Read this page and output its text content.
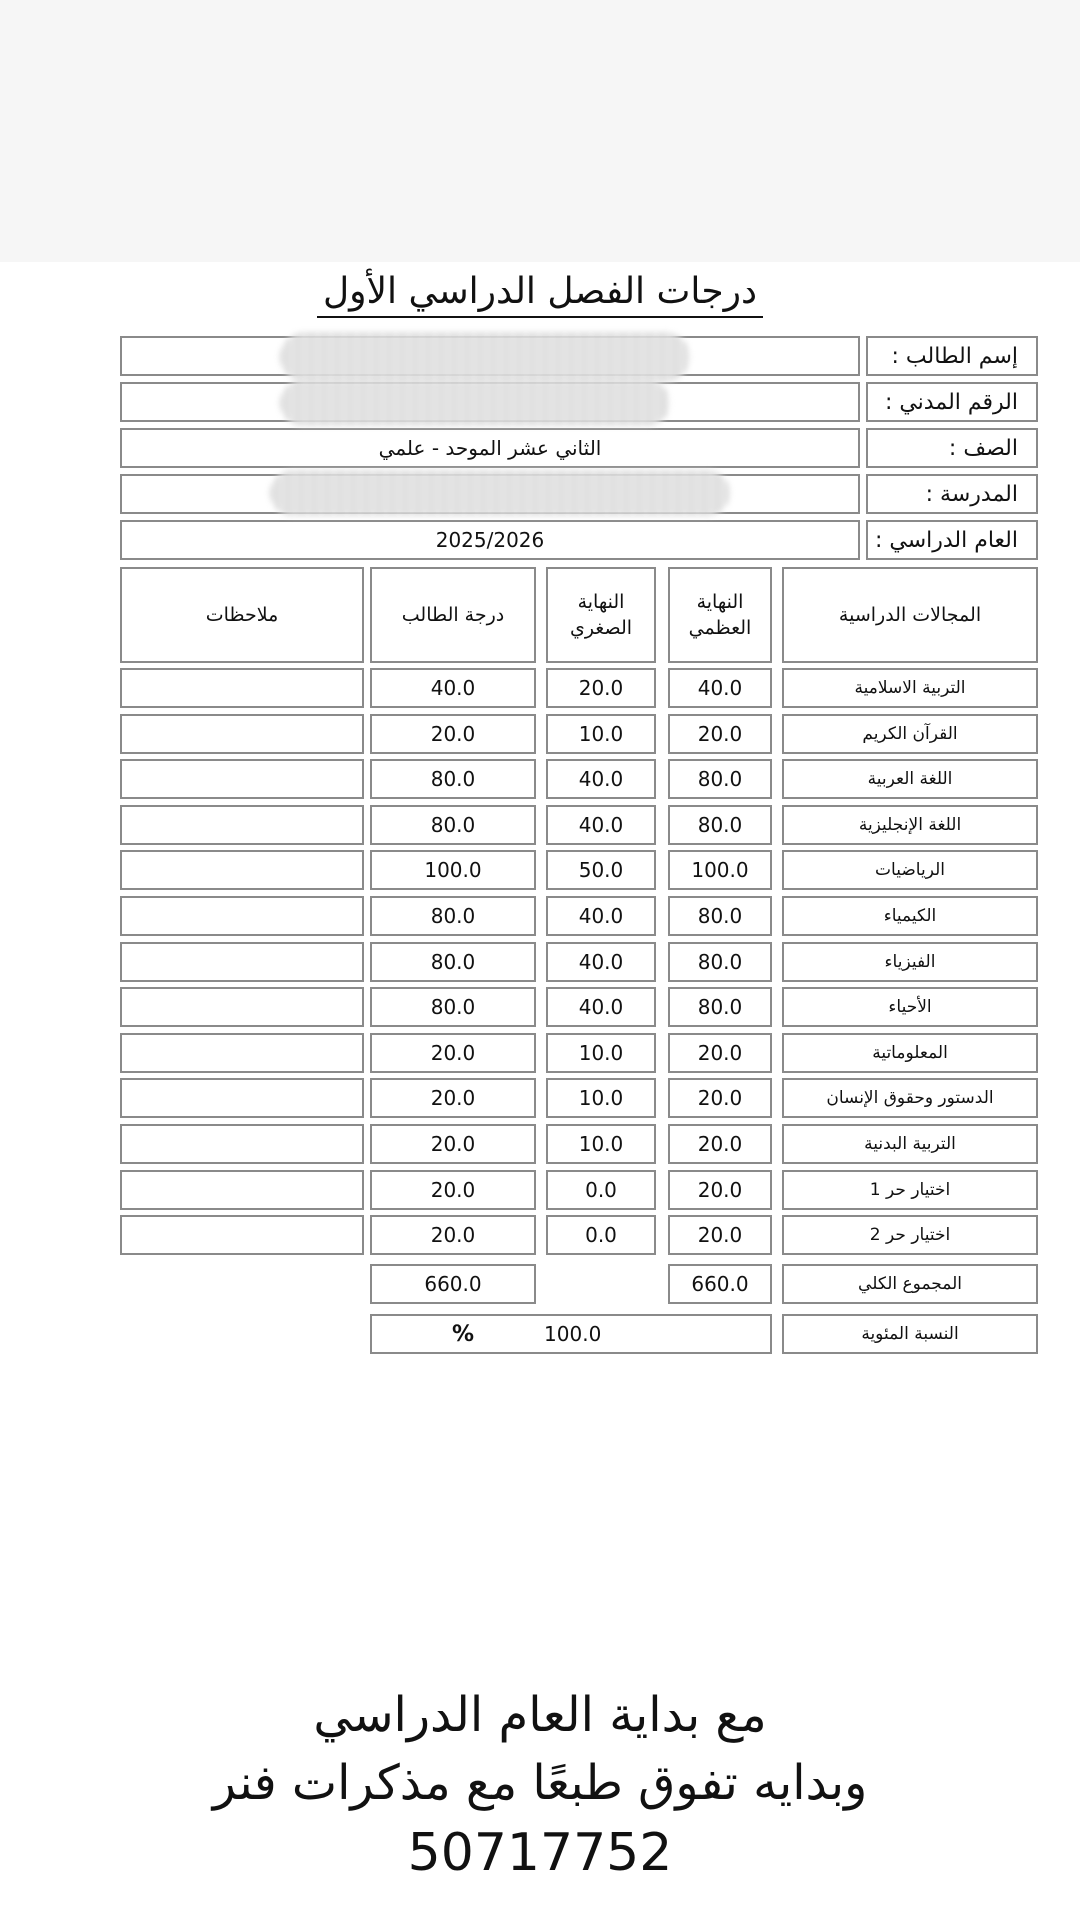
درجات الفصل الدراسي الأول
إسم الطالب :
الرقم المدني :
الصف :
الثاني عشر الموحد - علمي
المدرسة :
العام الدراسي :
2025/2026
المجالات الدراسية
النهاية العظمي
النهاية الصغري
درجة الطالب
ملاحظات
التربية الاسلامية
40.0
20.0
40.0
القرآن الكريم
20.0
10.0
20.0
اللغة العربية
80.0
40.0
80.0
اللغة الإنجليزية
80.0
40.0
80.0
الرياضيات
100.0
50.0
100.0
الكيمياء
80.0
40.0
80.0
الفيزياء
80.0
40.0
80.0
الأحياء
80.0
40.0
80.0
المعلوماتية
20.0
10.0
20.0
الدستور وحقوق الإنسان
20.0
10.0
20.0
التربية البدنية
20.0
10.0
20.0
اختيار حر 1
20.0
0.0
20.0
اختيار حر 2
20.0
0.0
20.0
المجموع الكلي
660.0
660.0
النسبة المئوية
%	100.0
مع بداية العام الدراسي
وبدايه تفوق طبعًا مع مذكرات فنر
50717752
